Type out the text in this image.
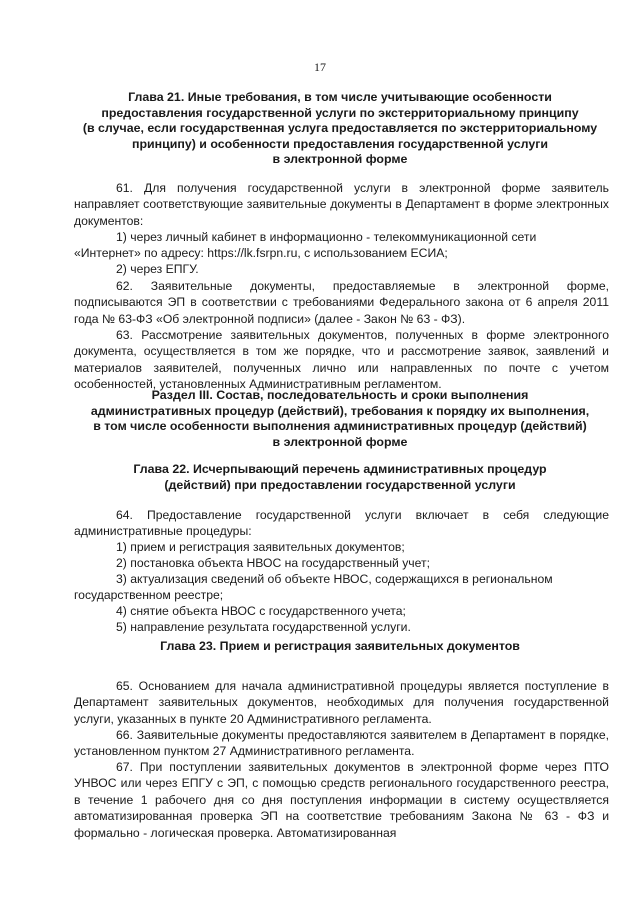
17
Глава 21. Иные требования, в том числе учитывающие особенности
предоставления государственной услуги по экстерриториальному принципу
(в случае, если государственная услуга предоставляется по экстерриториальному
принципу) и особенности предоставления государственной услуги
в электронной форме
61. Для получения государственной услуги в электронной форме заявитель направляет соответствующие заявительные документы в Департамент в форме электронных документов:
1) через личный кабинет в информационно - телекоммуникационной сети
«Интернет» по адресу: https://lk.fsrpn.ru, с использованием ЕСИА;
2) через ЕПГУ.
62. Заявительные документы, предоставляемые в электронной форме, подписываются ЭП в соответствии с требованиями Федерального закона от 6 апреля 2011 года № 63-ФЗ «Об электронной подписи» (далее - Закон № 63 - ФЗ).
63. Рассмотрение заявительных документов, полученных в форме электронного документа, осуществляется в том же порядке, что и рассмотрение заявок, заявлений и материалов заявителей, полученных лично или направленных по почте с учетом особенностей, установленных Административным регламентом.
Раздел III. Состав, последовательность и сроки выполнения
административных процедур (действий), требования к порядку их выполнения,
в том числе особенности выполнения административных процедур (действий)
в электронной форме
Глава 22. Исчерпывающий перечень административных процедур
(действий) при предоставлении государственной услуги
64. Предоставление государственной услуги включает в себя следующие административные процедуры:
1) прием и регистрация заявительных документов;
2) постановка объекта НВОС на государственный учет;
3) актуализация сведений об объекте НВОС, содержащихся в региональном
государственном реестре;
4) снятие объекта НВОС с государственного учета;
5) направление результата государственной услуги.
Глава 23. Прием и регистрация заявительных документов
65. Основанием для начала административной процедуры является поступление в Департамент заявительных документов, необходимых для получения государственной услуги, указанных в пункте 20 Административного регламента.
66. Заявительные документы предоставляются заявителем в Департамент в порядке, установленном пунктом 27 Административного регламента.
67. При поступлении заявительных документов в электронной форме через ПТО УНВОС или через ЕПГУ с ЭП, с помощью средств регионального государственного реестра, в течение 1 рабочего дня со дня поступления информации в систему осуществляется автоматизированная проверка ЭП на соответствие требованиям Закона № 63 - ФЗ и формально - логическая проверка. Автоматизированная
